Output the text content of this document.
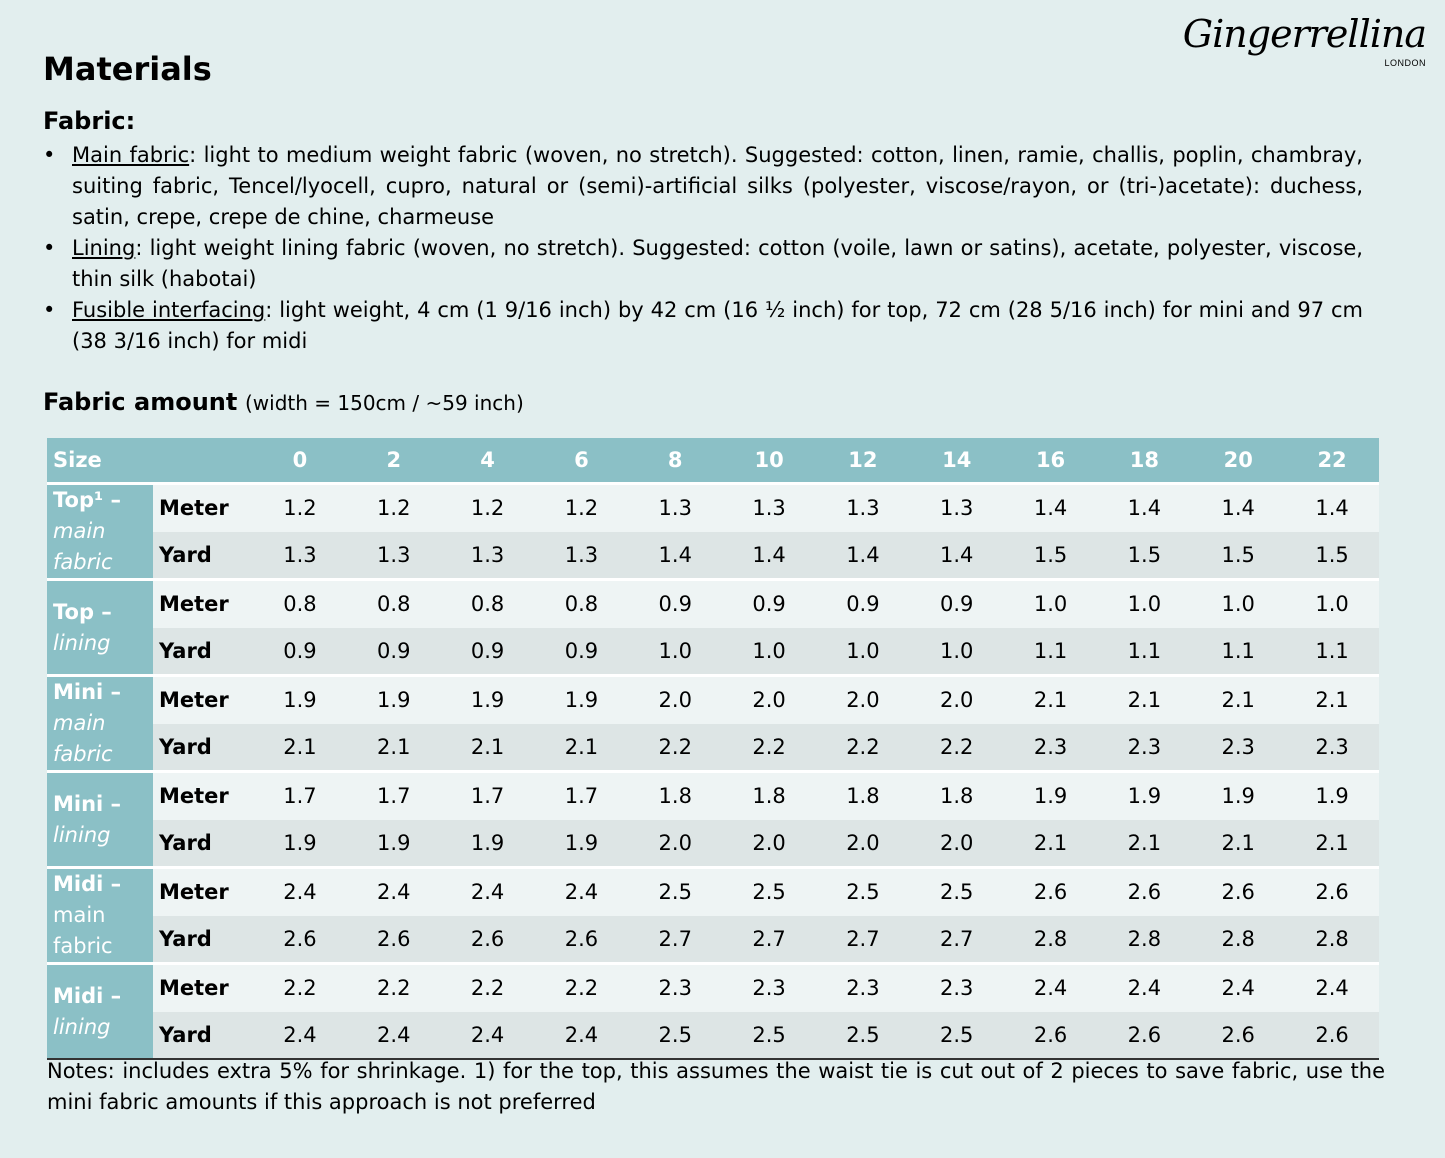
Gingerrellina
LONDON
Materials
Fabric:
• Main fabric: light to medium weight fabric (woven, no stretch). Suggested: cotton, linen, ramie, challis, poplin, chambray, suiting fabric, Tencel/lyocell, cupro, natural or (semi)-artificial silks (polyester, viscose/rayon, or (tri-)acetate): duchess, satin, crepe, crepe de chine, charmeuse
• Lining: light weight lining fabric (woven, no stretch). Suggested: cotton (voile, lawn or satins), acetate, polyester, viscose, thin silk (habotai)
• Fusible interfacing: light weight, 4 cm (1 9/16 inch) by 42 cm (16 ½ inch) for top, 72 cm (28 5/16 inch) for mini and 97 cm (38 3/16 inch) for midi
Fabric amount (width = 150cm / ~59 inch)
Size		0	2	4	6	8	10	12	14	16	18	20	22
Top¹ –
main
fabric	Meter	1.2	1.2	1.2	1.2	1.3	1.3	1.3	1.3	1.4	1.4	1.4	1.4
	Yard	1.3	1.3	1.3	1.3	1.4	1.4	1.4	1.4	1.5	1.5	1.5	1.5
Top –
lining	Meter	0.8	0.8	0.8	0.8	0.9	0.9	0.9	0.9	1.0	1.0	1.0	1.0
	Yard	0.9	0.9	0.9	0.9	1.0	1.0	1.0	1.0	1.1	1.1	1.1	1.1
Mini –
main
fabric	Meter	1.9	1.9	1.9	1.9	2.0	2.0	2.0	2.0	2.1	2.1	2.1	2.1
	Yard	2.1	2.1	2.1	2.1	2.2	2.2	2.2	2.2	2.3	2.3	2.3	2.3
Mini –
lining	Meter	1.7	1.7	1.7	1.7	1.8	1.8	1.8	1.8	1.9	1.9	1.9	1.9
	Yard	1.9	1.9	1.9	1.9	2.0	2.0	2.0	2.0	2.1	2.1	2.1	2.1
Midi –
main
fabric	Meter	2.4	2.4	2.4	2.4	2.5	2.5	2.5	2.5	2.6	2.6	2.6	2.6
	Yard	2.6	2.6	2.6	2.6	2.7	2.7	2.7	2.7	2.8	2.8	2.8	2.8
Midi –
lining	Meter	2.2	2.2	2.2	2.2	2.3	2.3	2.3	2.3	2.4	2.4	2.4	2.4
	Yard	2.4	2.4	2.4	2.4	2.5	2.5	2.5	2.5	2.6	2.6	2.6	2.6

Notes: includes extra 5% for shrinkage. 1) for the top, this assumes the waist tie is cut out of 2 pieces to save fabric, use the mini fabric amounts if this approach is not preferred
